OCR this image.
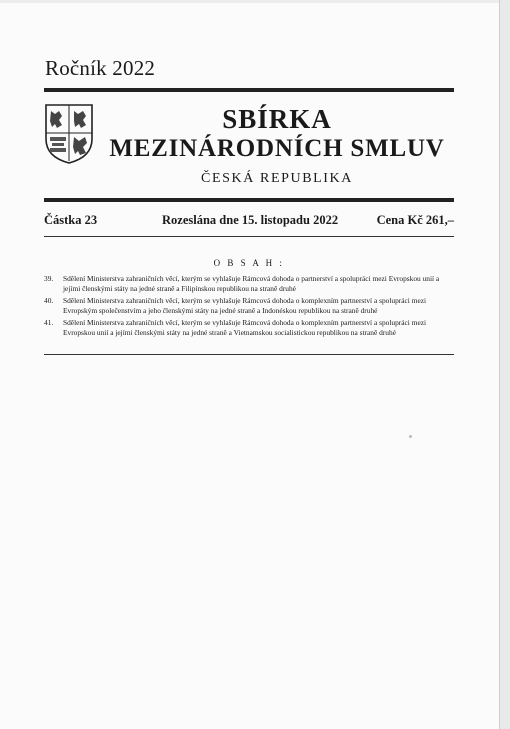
Ročník 2022
SBÍRKA
MEZINÁRODNÍCH SMLUV
ČESKÁ REPUBLIKA
Částka 23	Rozeslána dne 15. listopadu 2022	Cena Kč 261,–
O B S A H :
39. Sdělení Ministerstva zahraničních věcí, kterým se vyhlašuje Rámcová dohoda o partnerství a spolupráci mezi Evropskou unií a jejími členskými státy na jedné straně a Filipínskou republikou na straně druhé
40. Sdělení Ministerstva zahraničních věcí, kterým se vyhlašuje Rámcová dohoda o komplexním partnerství a spolupráci mezi Evropským společenstvím a jeho členskými státy na jedné straně a Indonéskou republikou na straně druhé
41. Sdělení Ministerstva zahraničních věcí, kterým se vyhlašuje Rámcová dohoda o komplexním partnerství a spolupráci mezi Evropskou unií a jejími členskými státy na jedné straně a Vietnamskou socialistickou republikou na straně druhé
